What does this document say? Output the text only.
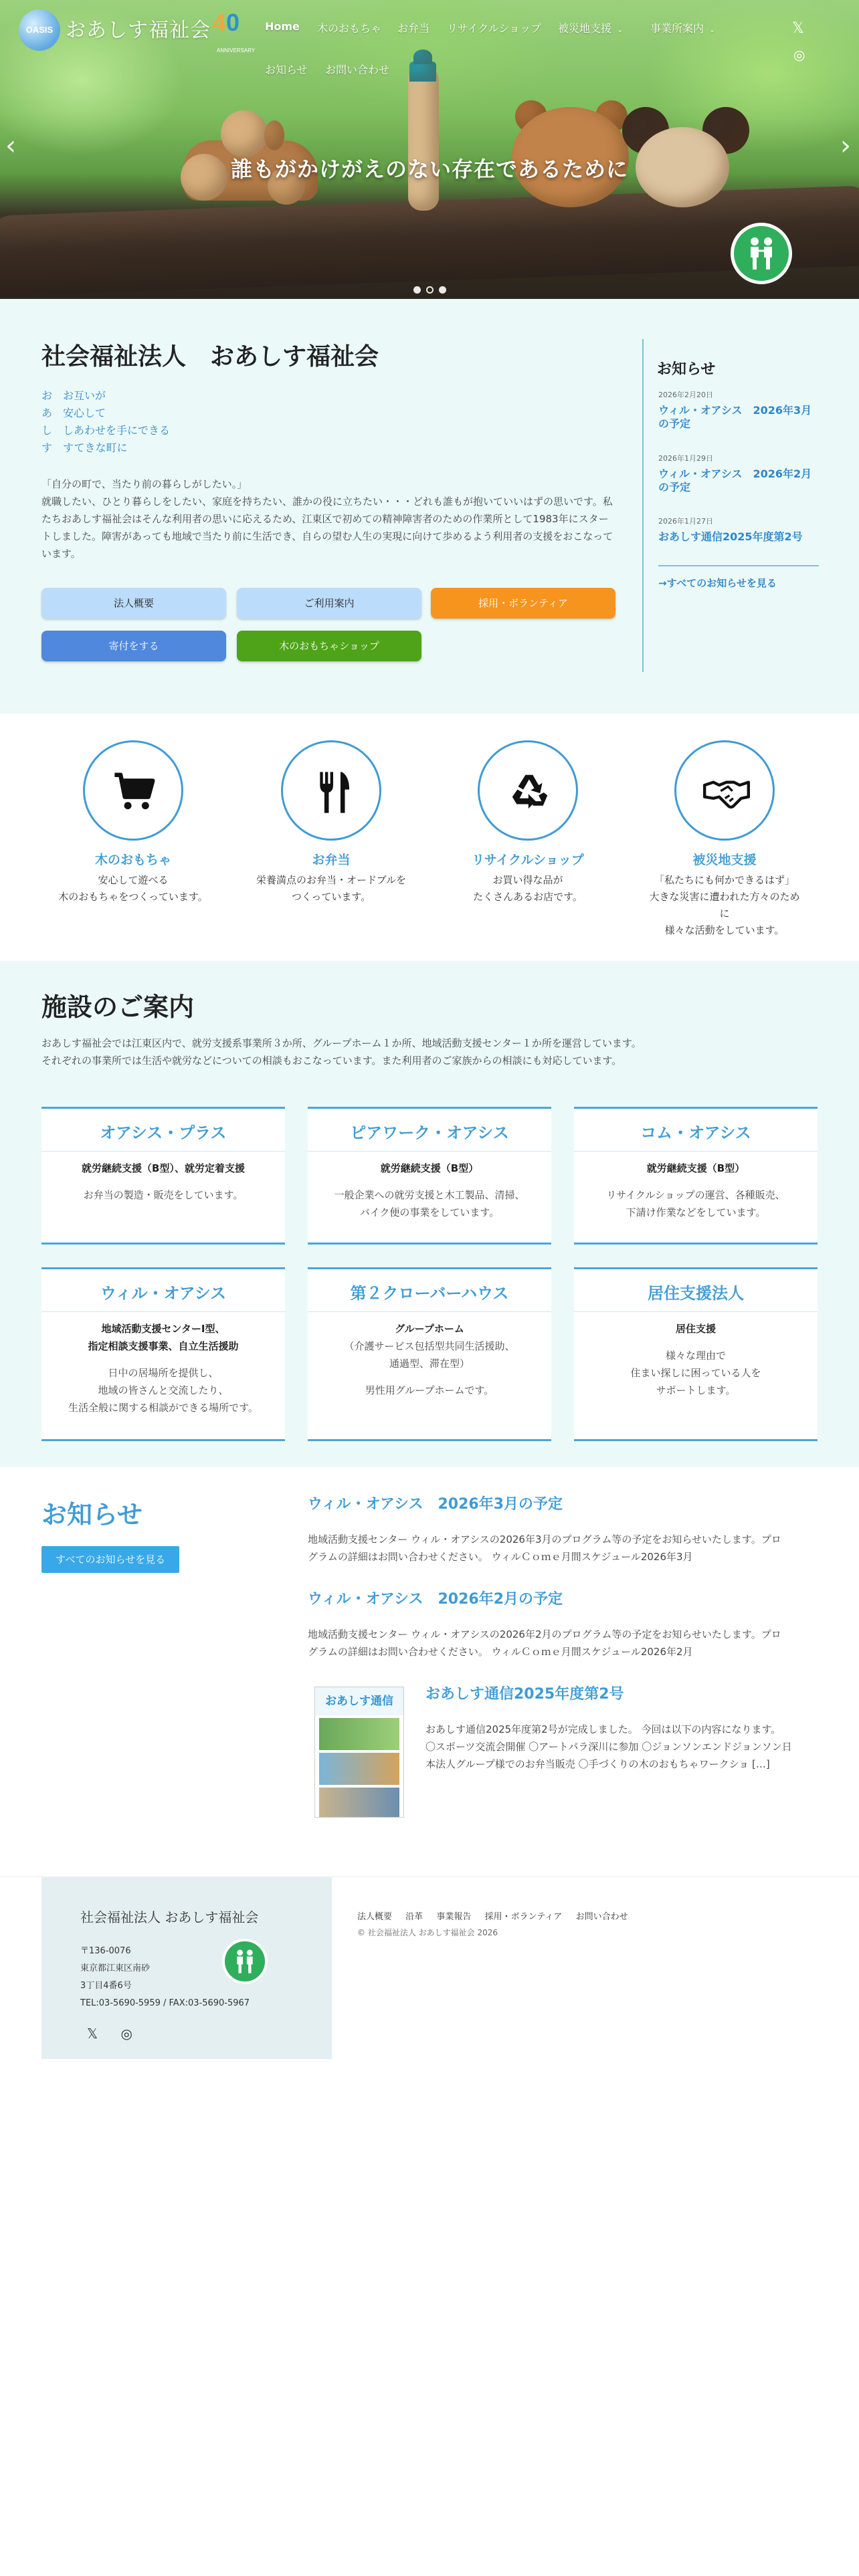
誰もがかけがえのない存在であるために
‹	›
OASIS おあしす福祉会 40
ANNIVERSARY
Home 木のおもちゃ お弁当 リサイクルショップ 被災地支援 ⌄	事業所案内 ⌄
お知らせ お問い合わせ
𝕏
◎
社会福祉法人　おあしす福祉会
お お互いが
あ 安心して
し しあわせを手にできる
す すてきな町に

「自分の町で、当たり前の暮らしがしたい。」

就職したい、ひとり暮らしをしたい、家庭を持ちたい、誰かの役に立ちたい・・・どれも誰もが抱いていいはずの思いです。私たちおあしす福祉会はそんな利用者の思いに応えるため、江東区で初めての精神障害者のための作業所として1983年にスタートしました。障害があっても地域で当たり前に生活でき、自らの望む人生の実現に向けて歩めるよう利用者の支援をおこなっています。

法人概要	ご利用案内	採用・ボランティア
寄付をする	木のおもちゃショップ
お知らせ
2026年2月20日
ウィル・オアシス　2026年3月の予定
2026年1月29日
ウィル・オアシス　2026年2月の予定
2026年1月27日
おあしす通信2025年度第2号
→すべてのお知らせを見る
木のおもちゃ
安心して遊べる
木のおもちゃをつくっています。
お弁当
栄養満点のお弁当・オードブルを
つくっています。
リサイクルショップ
お買い得な品が
たくさんあるお店です。
被災地支援
「私たちにも何かできるはず」
大きな災害に遭われた方々のために
様々な活動をしています。
施設のご案内
おあしす福祉会では江東区内で、就労支援系事業所３か所、グループホーム１か所、地域活動支援センター１か所を運営しています。
それぞれの事業所では生活や就労などについての相談もおこなっています。また利用者のご家族からの相談にも対応しています。
オアシス・プラス
就労継続支援（B型）、就労定着支援
お弁当の製造・販売をしています。
ピアワーク・オアシス
就労継続支援（B型）
一般企業への就労支援と木工製品、清掃、
バイク便の事業をしています。
コム・オアシス
就労継続支援（B型）
リサイクルショップの運営、各種販売、
下請け作業などをしています。
ウィル・オアシス
地域活動支援センターI型、
指定相談支援事業、自立生活援助
日中の居場所を提供し、
地域の皆さんと交流したり、
生活全般に関する相談ができる場所です。
第２クローバーハウス
グループホーム
（介護サービス包括型共同生活援助、
通過型、滞在型）
男性用グループホームです。
居住支援法人
居住支援
様々な理由で
住まい探しに困っている人を
サポートします。
お知らせ
すべてのお知らせを見る
ウィル・オアシス　2026年3月の予定
地域活動支援センター ウィル・オアシスの2026年3月のプログラム等の予定をお知らせいたします。プロ
グラムの詳細はお問い合わせください。 ウィルＣｏｍｅ月間スケジュール2026年3月
ウィル・オアシス　2026年2月の予定
地域活動支援センター ウィル・オアシスの2026年2月のプログラム等の予定をお知らせいたします。プロ
グラムの詳細はお問い合わせください。 ウィルＣｏｍｅ月間スケジュール2026年2月
おあしす通信	おあしす通信2025年度第2号
おあしす通信2025年度第2号が完成しました。 今回は以下の内容になります。
〇スポーツ交流会開催 〇アートパラ深川に参加 〇ジョンソンエンドジョンソン日
本法人グループ様でのお弁当販売 〇手づくりの木のおもちゃワークショ […]
社会福祉法人 おあしす福祉会
〒136-0076
東京都江東区南砂
3丁目4番6号
TEL:03-5690-5959 / FAX:03-5690-5967
𝕏 ◎
法人概要 沿革 事業報告 採用・ボランティア お問い合わせ
© 社会福祉法人 おあしす福祉会 2026
